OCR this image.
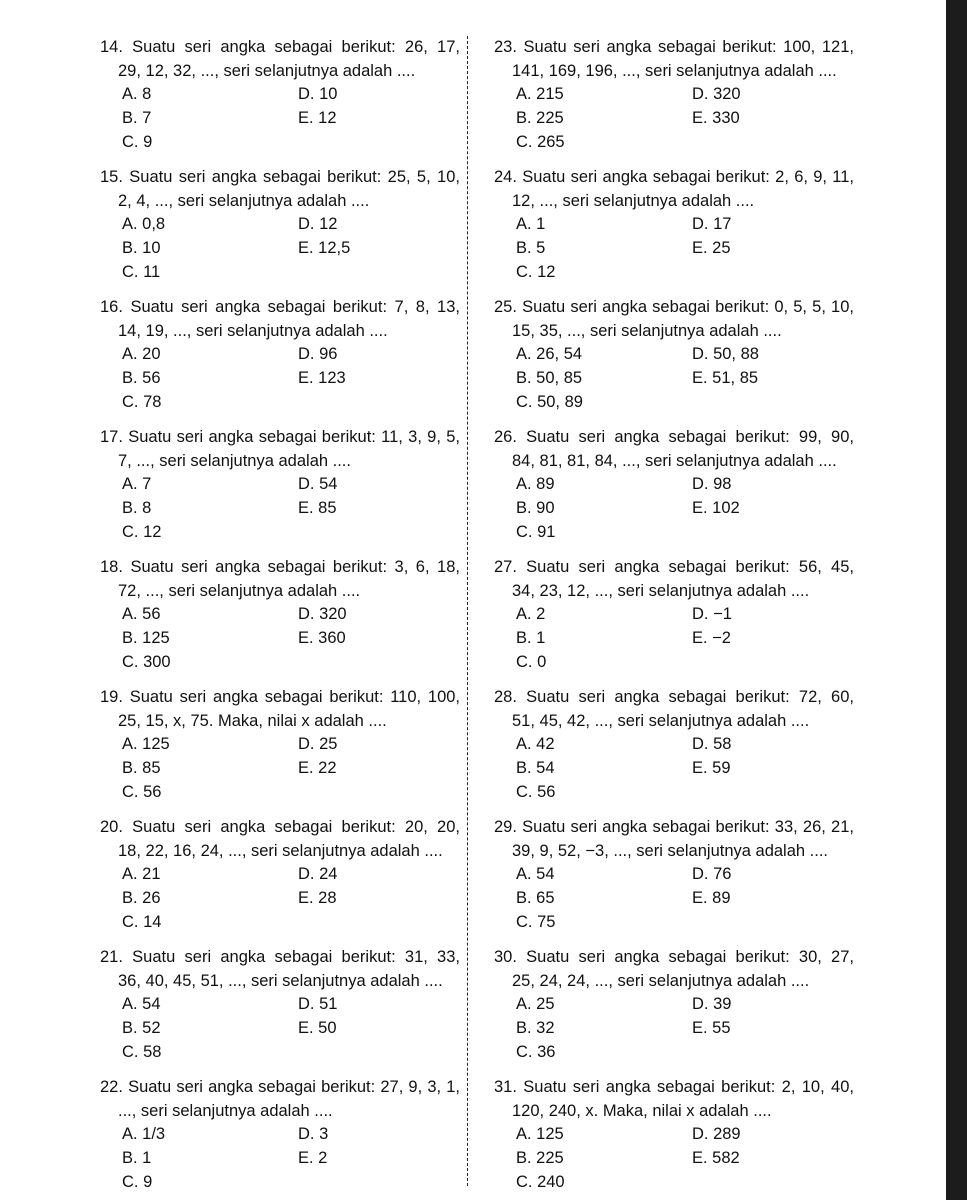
14. Suatu seri angka sebagai berikut: 26, 17,
29, 12, 32, ..., seri selanjutnya adalah ....
A. 8	D. 10
B. 7	E. 12
C. 9
15. Suatu seri angka sebagai berikut: 25, 5, 10,
2, 4, ..., seri selanjutnya adalah ....
A. 0,8	D. 12
B. 10	E. 12,5
C. 11
16. Suatu seri angka sebagai berikut: 7, 8, 13,
14, 19, ..., seri selanjutnya adalah ....
A. 20	D. 96
B. 56	E. 123
C. 78
17. Suatu seri angka sebagai berikut: 11, 3, 9, 5,
7, ..., seri selanjutnya adalah ....
A. 7	D. 54
B. 8	E. 85
C. 12
18. Suatu seri angka sebagai berikut: 3, 6, 18,
72, ..., seri selanjutnya adalah ....
A. 56	D. 320
B. 125	E. 360
C. 300
19. Suatu seri angka sebagai berikut: 110, 100,
25, 15, x, 75. Maka, nilai x adalah ....
A. 125	D. 25
B. 85	E. 22
C. 56
20. Suatu seri angka sebagai berikut: 20, 20,
18, 22, 16, 24, ..., seri selanjutnya adalah ....
A. 21	D. 24
B. 26	E. 28
C. 14
21. Suatu seri angka sebagai berikut: 31, 33,
36, 40, 45, 51, ..., seri selanjutnya adalah ....
A. 54	D. 51
B. 52	E. 50
C. 58
22. Suatu seri angka sebagai berikut: 27, 9, 3, 1,
..., seri selanjutnya adalah ....
A. 1/3	D. 3
B. 1	E. 2
C. 9
23. Suatu seri angka sebagai berikut: 100, 121,
141, 169, 196, ..., seri selanjutnya adalah ....
A. 215	D. 320
B. 225	E. 330
C. 265
24. Suatu seri angka sebagai berikut: 2, 6, 9, 11,
12, ..., seri selanjutnya adalah ....
A. 1	D. 17
B. 5	E. 25
C. 12
25. Suatu seri angka sebagai berikut: 0, 5, 5, 10,
15, 35, ..., seri selanjutnya adalah ....
A. 26, 54	D. 50, 88
B. 50, 85	E. 51, 85
C. 50, 89
26. Suatu seri angka sebagai berikut: 99, 90,
84, 81, 81, 84, ..., seri selanjutnya adalah ....
A. 89	D. 98
B. 90	E. 102
C. 91
27. Suatu seri angka sebagai berikut: 56, 45,
34, 23, 12, ..., seri selanjutnya adalah ....
A. 2	D. −1
B. 1	E. −2
C. 0
28. Suatu seri angka sebagai berikut: 72, 60,
51, 45, 42, ..., seri selanjutnya adalah ....
A. 42	D. 58
B. 54	E. 59
C. 56
29. Suatu seri angka sebagai berikut: 33, 26, 21,
39, 9, 52, −3, ..., seri selanjutnya adalah ....
A. 54	D. 76
B. 65	E. 89
C. 75
30. Suatu seri angka sebagai berikut: 30, 27,
25, 24, 24, ..., seri selanjutnya adalah ....
A. 25	D. 39
B. 32	E. 55
C. 36
31. Suatu seri angka sebagai berikut: 2, 10, 40,
120, 240, x. Maka, nilai x adalah ....
A. 125	D. 289
B. 225	E. 582
C. 240
